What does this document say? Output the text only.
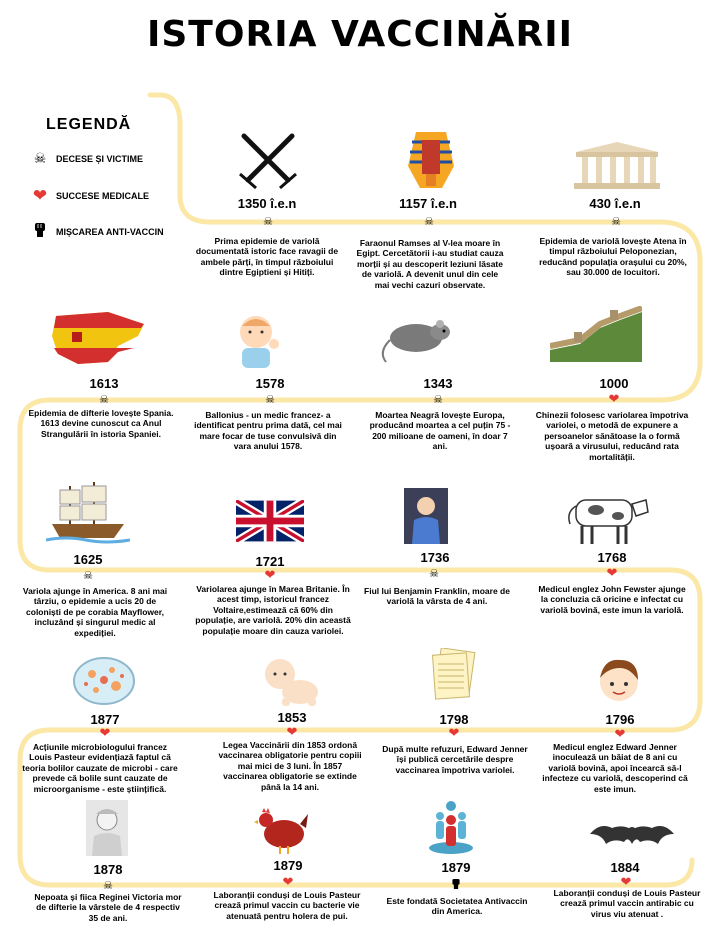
ISTORIA VACCINĂRII
LEGENDĂ
☠	DECESE ȘI VICTIME
❤ SUCCESE MEDICALE
MIȘCAREA ANTI-VACCIN
1350 î.e.n
☠
Prima epidemie de variolă documentată istoric face ravagii de ambele părți, în timpul războiului dintre Egiptieni și Hitiți.
1157 î.e.n
☠
Faraonul Ramses al V-lea moare în Egipt. Cercetătorii i-au studiat cauza morții și au descoperit leziuni lăsate de variolă. A devenit unul din cele mai vechi cazuri observate.
430 î.e.n
☠
Epidemia de variolă lovește Atena în timpul războiului Peloponezian, reducând populația orașului cu 20%, sau 30.000 de locuitori.
1613
☠
Epidemia de difterie lovește Spania. 1613 devine cunoscut ca Anul Strangulării în istoria Spaniei.
1578
☠
Ballonius - un medic francez- a identificat pentru prima dată, cel mai mare focar de tuse convulsivă din vara anului 1578.
1343
☠
Moartea Neagră lovește Europa, producând moartea a cel puțin 75 - 200 milioane de oameni, în doar 7 ani.
1000
❤
Chinezii folosesc variolarea împotriva variolei, o metodă de expunere a persoanelor sănătoase la o formă ușoară a virusului, reducând rata mortalității.
1625
☠
Variola ajunge în America. 8 ani mai târziu, o epidemie a ucis 20 de coloniști de pe corabia Mayflower, incluzând și singurul medic al expediției.
1721
❤
Variolarea ajunge în Marea Britanie. În acest timp, istoricul francez Voltaire,estimează că 60% din populație, are variolă. 20% din această populație moare din cauza variolei.
1736
☠
Fiul lui Benjamin Franklin, moare de variolă la vârsta de 4 ani.
1768
❤
Medicul englez John Fewster ajunge la concluzia că oricine e infectat cu variolă bovină, este imun la variolă.
1877
❤
Acțiunile microbiologului francez Louis Pasteur evidențiază faptul că teoria bolilor cauzate de microbi - care prevede că bolile sunt cauzate de microorganisme - este științifică.
1853
❤
Legea Vaccinării din 1853 ordonă vaccinarea obligatorie pentru copiii mai mici de 3 luni. În 1857 vaccinarea obligatorie se extinde până la 14 ani.
1798
❤
După multe refuzuri, Edward Jenner își publică cercetările despre vaccinarea împotriva variolei.
1796
❤
Medicul englez Edward Jenner inoculează un băiat de 8 ani cu variolă bovină, apoi încearcă să-l infecteze cu variolă, descoperind că este imun.
1878
☠
Nepoata și fiica Reginei Victoria mor de difterie la vârstele de 4 respectiv 35 de ani.
1879
❤
Laboranții conduși de Louis Pasteur crează primul vaccin cu bacterie vie atenuată pentru holera de pui.
1879
Este fondată Societatea Antivaccin din America.
1884
❤
Laboranții conduși de Louis Pasteur crează primul vaccin antirabic cu virus viu atenuat .
